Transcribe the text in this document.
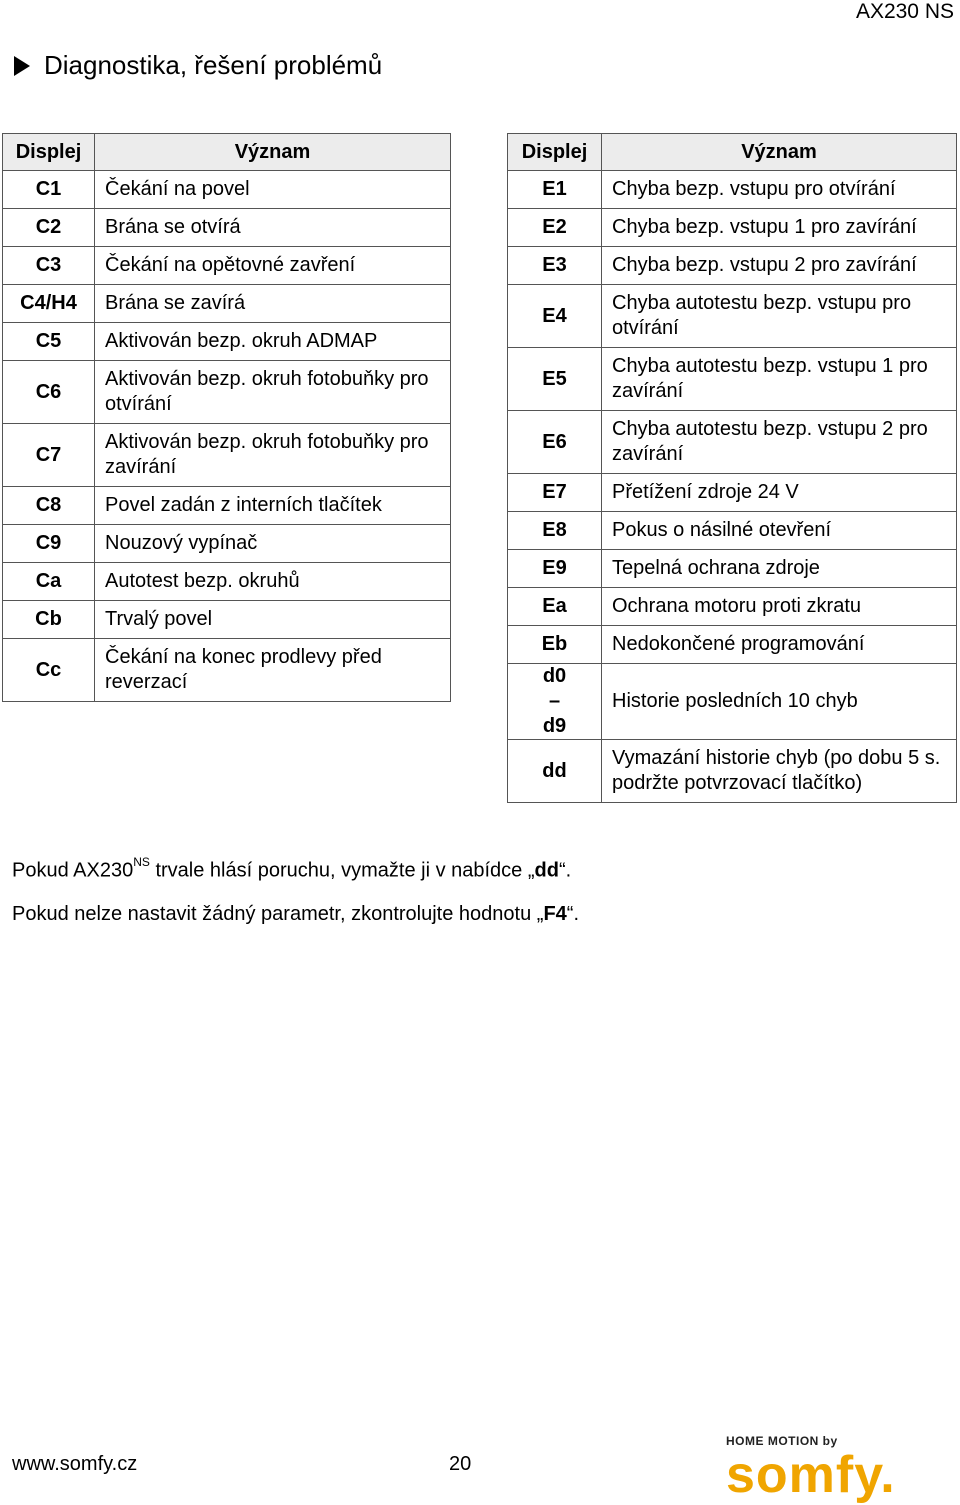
AX230 NS
Diagnostika, řešení problémů
Displej	Význam
C1	Čekání na povel
C2	Brána se otvírá
C3	Čekání na opětovné zavření
C4/H4	Brána se zavírá
C5	Aktivován bezp. okruh ADMAP
C6	Aktivován bezp. okruh fotobuňky pro otvírání
C7	Aktivován bezp. okruh fotobuňky pro zavírání
C8	Povel zadán z interních tlačítek
C9	Nouzový vypínač
Ca	Autotest bezp. okruhů
Cb	Trvalý povel
Cc	Čekání na konec prodlevy před reverzací
Displej	Význam
E1	Chyba bezp. vstupu pro otvírání
E2	Chyba bezp. vstupu 1 pro zavírání
E3	Chyba bezp. vstupu 2 pro zavírání
E4	Chyba autotestu bezp. vstupu pro otvírání
E5	Chyba autotestu bezp. vstupu 1 pro zavírání
E6	Chyba autotestu bezp. vstupu 2 pro zavírání
E7	Přetížení zdroje 24 V
E8	Pokus o násilné otevření
E9	Tepelná ochrana zdroje
Ea	Ochrana motoru proti zkratu
Eb	Nedokončené programování
d0 – d9	Historie posledních 10 chyb
dd	Vymazání historie chyb (po dobu 5 s. podržte potvrzovací tlačítko)
Pokud $AX230^{NS}$ trvale hlásí poruchu, vymažte ji v nabídce „dd“.
Pokud nelze nastavit žádný parametr, zkontrolujte hodnotu „F4“.
www.somfy.cz	20
HOME MOTION by
somfy.
